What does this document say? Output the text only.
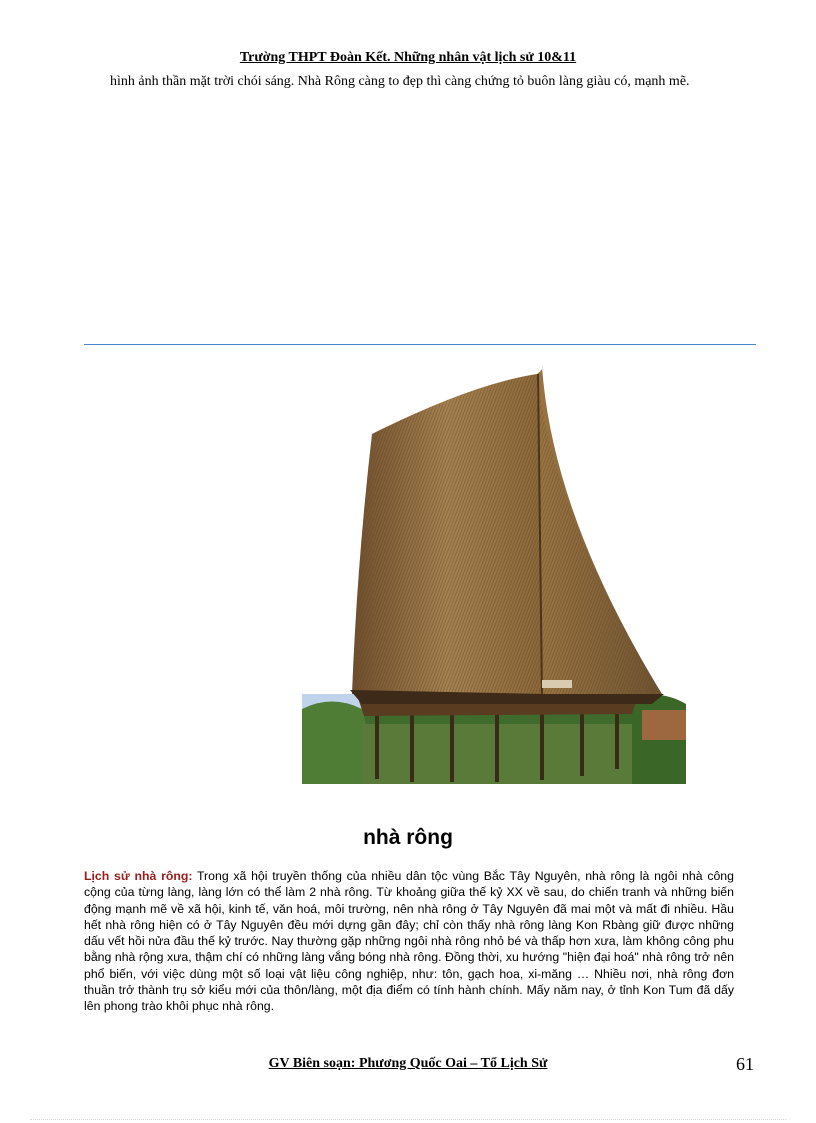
Trường THPT Đoàn Kết. Những nhân vật lịch sử 10&11
hình ảnh thần mặt trời chói sáng. Nhà Rông càng to đẹp thì càng chứng tỏ buôn làng giàu có, mạnh mẽ.
nhà rông
Lịch sử nhà rông: Trong xã hội truyền thống của nhiều dân tộc vùng Bắc Tây Nguyên, nhà rông là ngôi nhà công cộng của từng làng, làng lớn có thể làm 2 nhà rông. Từ khoảng giữa thế kỷ XX về sau, do chiến tranh và những biến động mạnh mẽ về xã hội, kinh tế, văn hoá, môi trường, nên nhà rông ở Tây Nguyên đã mai một và mất đi nhiều. Hầu hết nhà rông hiện có ở Tây Nguyên đều mới dựng gần đây; chỉ còn thấy nhà rông làng Kon Rbàng giữ được những dấu vết hồi nửa đầu thế kỷ trước. Nay thường gặp những ngôi nhà rông nhỏ bé và thấp hơn xưa, làm không công phu bằng nhà rộng xưa, thậm chí có những làng vắng bóng nhà rông. Đồng thời, xu hướng "hiện đại hoá" nhà rông trở nên phổ biến, với việc dùng một số loại vật liệu công nghiệp, như: tôn, gạch hoa, xi-măng … Nhiều nơi, nhà rông đơn thuần trở thành trụ sở kiểu mới của thôn/làng, một địa điểm có tính hành chính. Mấy năm nay, ở tỉnh Kon Tum đã dấy lên phong trào khôi phục nhà rông.
GV Biên soạn: Phương Quốc Oai – Tổ Lịch Sử	61
